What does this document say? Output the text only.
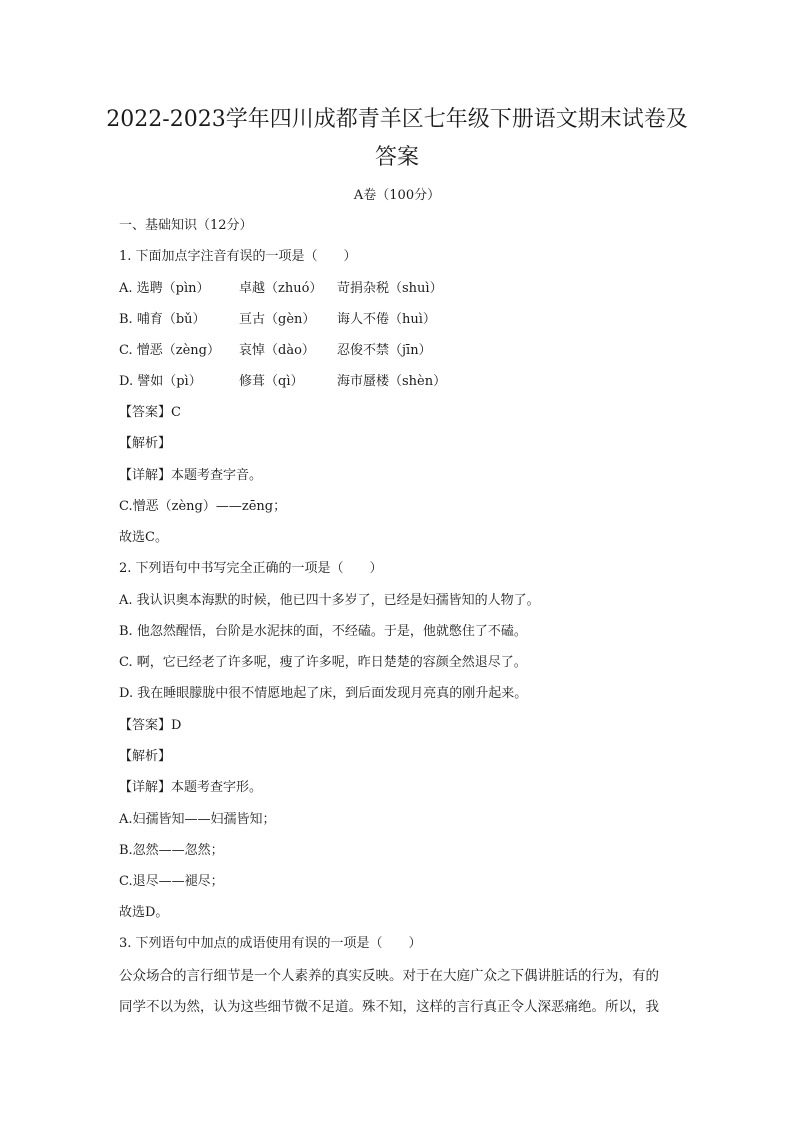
2022-2023学年四川成都青羊区七年级下册语文期末试卷及
答案
A卷（100分）
一、基础知识（12分）
1. 下面加点字注音有误的一项是（　　）
A. 选聘（pìn） 卓越（zhuó） 苛捐杂税（shuì）
B. 哺育（bǔ）	亘古（gèn） 诲人不倦（huì）
C. 憎恶（zèng） 哀悼（dào） 忍俊不禁（jīn）
D. 譬如（pì）	修葺（qì）	海市蜃楼（shèn）
【答案】C
【解析】
【详解】本题考查字音。
C.憎恶（zèng）——zēng；
故选C。
2. 下列语句中书写完全正确的一项是（　　）
A. 我认识奥本海默的时候，他已四十多岁了，已经是妇孺皆知的人物了。
B. 他忽然醒悟，台阶是水泥抹的面，不经磕。于是，他就憋住了不磕。
C. 啊，它已经老了许多呢，瘦了许多呢，昨日楚楚的容颜全然退尽了。
D. 我在睡眼朦胧中很不情愿地起了床，到后面发现月亮真的刚升起来。
【答案】D
【解析】
【详解】本题考查字形。
A.妇孺皆知——妇孺皆知；
B.忽然——忽然；
C.退尽——褪尽；
故选D。
3. 下列语句中加点的成语使用有误的一项是（　　）
公众场合的言行细节是一个人素养的真实反映。对于在大庭广众之下偶讲脏话的行为，有的
同学不以为然，认为这些细节微不足道。殊不知，这样的言行真正令人深恶痛绝。所以，我
